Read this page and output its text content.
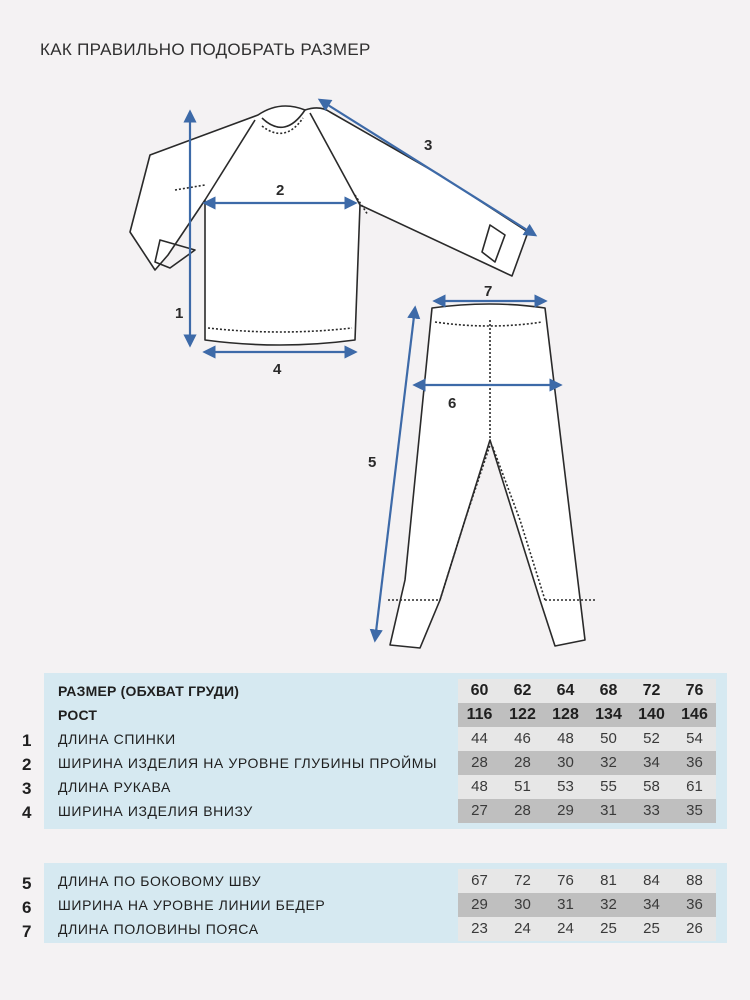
КАК ПРАВИЛЬНО ПОДОБРАТЬ РАЗМЕР
1
2
3
4
5
6
7
1
2
3
4
5
6
7
РАЗМЕР (ОБХВАТ ГРУДИ)	60	62	64	68	72	76
РОСТ	116	122	128	134	140	146
ДЛИНА СПИНКИ	44	46	48	50	52	54
ШИРИНА ИЗДЕЛИЯ НА УРОВНЕ ГЛУБИНЫ ПРОЙМЫ	28	28	30	32	34	36
ДЛИНА РУКАВА	48	51	53	55	58	61
ШИРИНА ИЗДЕЛИЯ ВНИЗУ	27	28	29	31	33	35
ДЛИНА ПО БОКОВОМУ ШВУ	67	72	76	81	84	88
ШИРИНА НА УРОВНЕ ЛИНИИ БЕДЕР	29	30	31	32	34	36
ДЛИНА ПОЛОВИНЫ ПОЯСА	23	24	24	25	25	26
